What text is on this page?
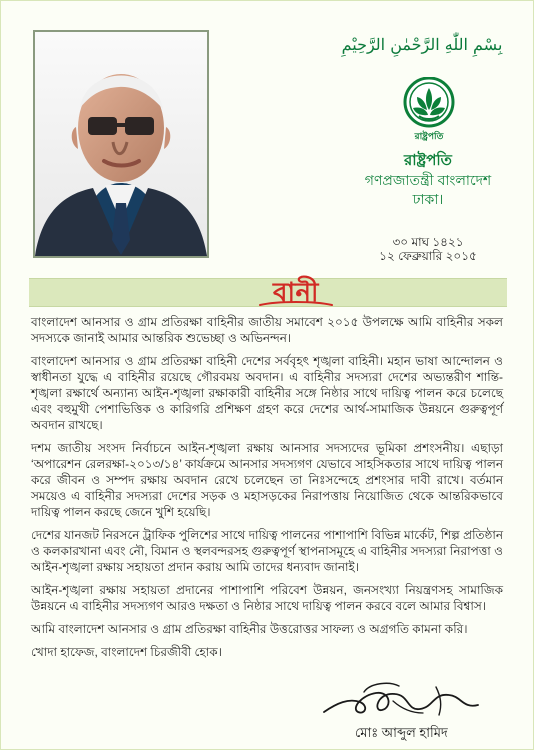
بِسْمِ اللّٰهِ الرَّحْمٰنِ الرَّحِيْمِ
রাষ্ট্রপতি
রাষ্ট্রপতি
গণপ্রজাতন্ত্রী বাংলাদেশ
ঢাকা।
৩০ মাঘ ১৪২১
১২ ফেব্রুয়ারি ২০১৫
বানী

বাংলাদেশ আনসার ও গ্রাম প্রতিরক্ষা বাহিনীর জাতীয় সমাবেশ ২০১৫ উপলক্ষে আমি বাহিনীর সকল সদস্যকে জানাই আমার আন্তরিক শুভেচ্ছা ও অভিনন্দন।

বাংলাদেশ আনসার ও গ্রাম প্রতিরক্ষা বাহিনী দেশের সর্ববৃহৎ শৃঙ্খলা বাহিনী। মহান ভাষা আন্দোলন ও স্বাধীনতা যুদ্ধে এ বাহিনীর রয়েছে গৌরবময় অবদান। এ বাহিনীর সদস্যরা দেশের অভ্যন্তরীণ শান্তি-শৃঙ্খলা রক্ষার্থে অন্যান্য আইন-শৃঙ্খলা রক্ষাকারী বাহিনীর সঙ্গে নিষ্ঠার সাথে দায়িত্ব পালন করে চলেছে এবং বহুমুখী পেশাভিত্তিক ও কারিগরি প্রশিক্ষণ গ্রহণ করে দেশের আর্থ-সামাজিক উন্নয়নে গুরুত্বপূর্ণ অবদান রাখছে।

দশম জাতীয় সংসদ নির্বাচনে আইন-শৃঙ্খলা রক্ষায় আনসার সদস্যদের ভূমিকা প্রশংসনীয়। এছাড়া ‘অপারেশন রেলরক্ষা-২০১৩/১৪’ কার্যক্রমে আনসার সদস্যগণ যেভাবে সাহসিকতার সাথে দায়িত্ব পালন করে জীবন ও সম্পদ রক্ষায় অবদান রেখে চলেছেন তা নিঃসন্দেহে প্রশংসার দাবী রাখে। বর্তমান সময়েও এ বাহিনীর সদস্যরা দেশের সড়ক ও মহাসড়কের নিরাপত্তায় নিয়োজিত থেকে আন্তরিকভাবে দায়িত্ব পালন করছে জেনে খুশি হয়েছি।

দেশের যানজট নিরসনে ট্রাফিক পুলিশের সাথে দায়িত্ব পালনের পাশাপাশি বিভিন্ন মার্কেট, শিল্প প্রতিষ্ঠান ও কলকারখানা এবং নৌ, বিমান ও স্থলবন্দরসহ গুরুত্বপূর্ণ স্থাপনাসমূহে এ বাহিনীর সদস্যরা নিরাপত্তা ও আইন-শৃঙ্খলা রক্ষায় সহায়তা প্রদান করায় আমি তাদের ধন্যবাদ জানাই।

আইন-শৃঙ্খলা রক্ষায় সহায়তা প্রদানের পাশাপাশি পরিবেশ উন্নয়ন, জনসংখ্যা নিয়ন্ত্রণসহ সামাজিক উন্নয়নে এ বাহিনীর সদস্যগণ আরও দক্ষতা ও নিষ্ঠার সাথে দায়িত্ব পালন করবে বলে আমার বিশ্বাস।

আমি বাংলাদেশ আনসার ও গ্রাম প্রতিরক্ষা বাহিনীর উত্তরোত্তর সাফল্য ও অগ্রগতি কামনা করি।

খোদা হাফেজ, বাংলাদেশ চিরজীবী হোক।

মোঃ আব্দুল হামিদ
